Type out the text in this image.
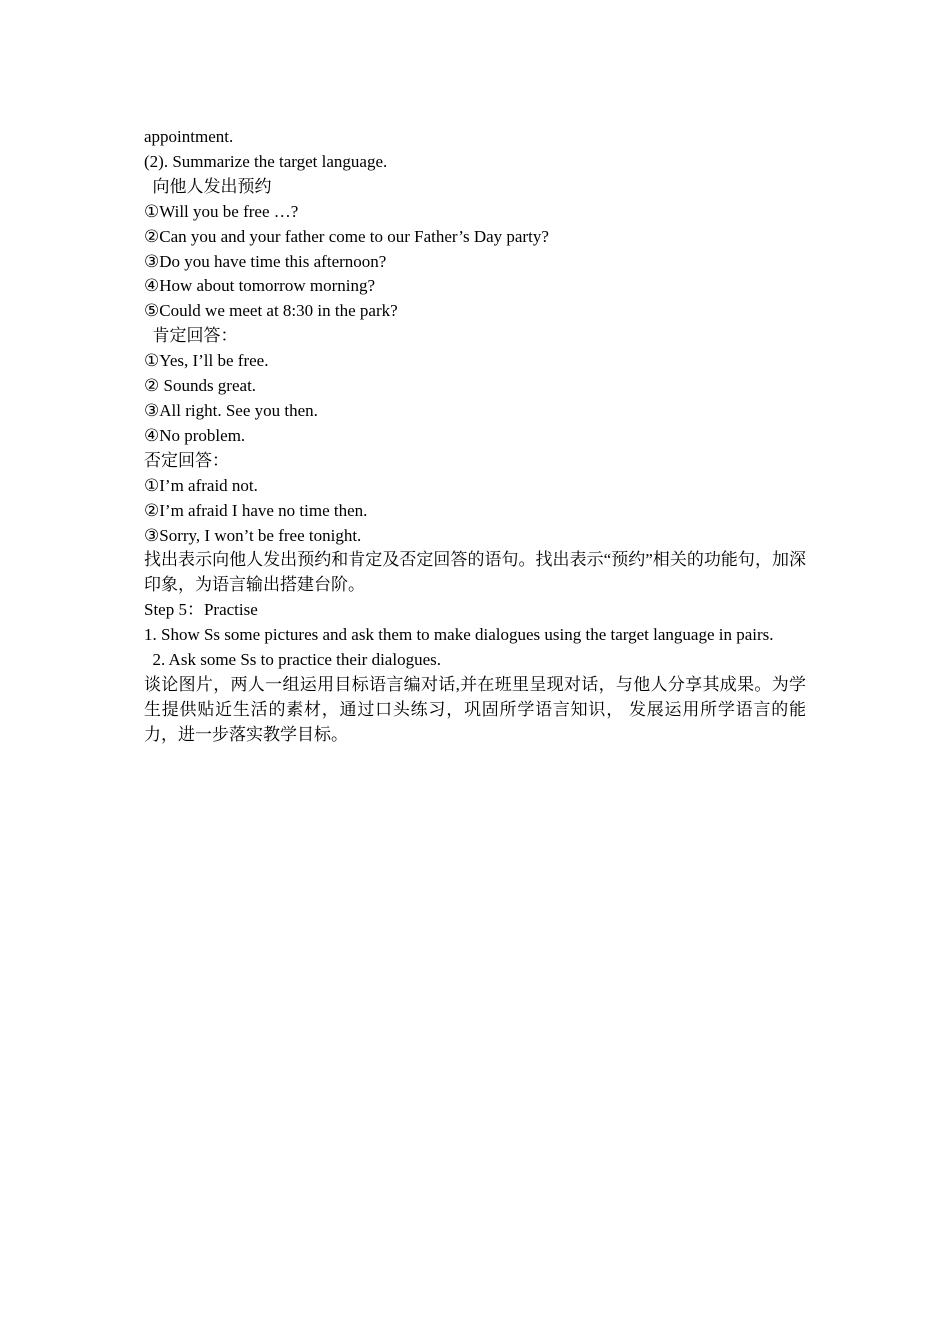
appointment.

(2). Summarize the target language.

向他人发出预约

①Will you be free …?

②Can you and your father come to our Father’s Day party?

③Do you have time this afternoon?

④How about tomorrow morning?

⑤Could we meet at 8:30 in the park?

肯定回答：

①Yes, I’ll be free.

② Sounds great.

③All right. See you then.

④No problem.

否定回答：

①I’m afraid not.

②I’m afraid I have no time then.

③Sorry, I won’t be free tonight.

找出表示向他人发出预约和肯定及否定回答的语句。找出表示“预约”相关的功能句，加深印象，为语言输出搭建台阶。

Step 5：Practise

1. Show Ss some pictures and ask them to make dialogues using the target language in pairs.

2. Ask some Ss to practice their dialogues.

谈论图片，两人一组运用目标语言编对话,并在班里呈现对话，与他人分享其成果。为学生提供贴近生活的素材，通过口头练习，巩固所学语言知识， 发展运用所学语言的能力，进一步落实教学目标。
